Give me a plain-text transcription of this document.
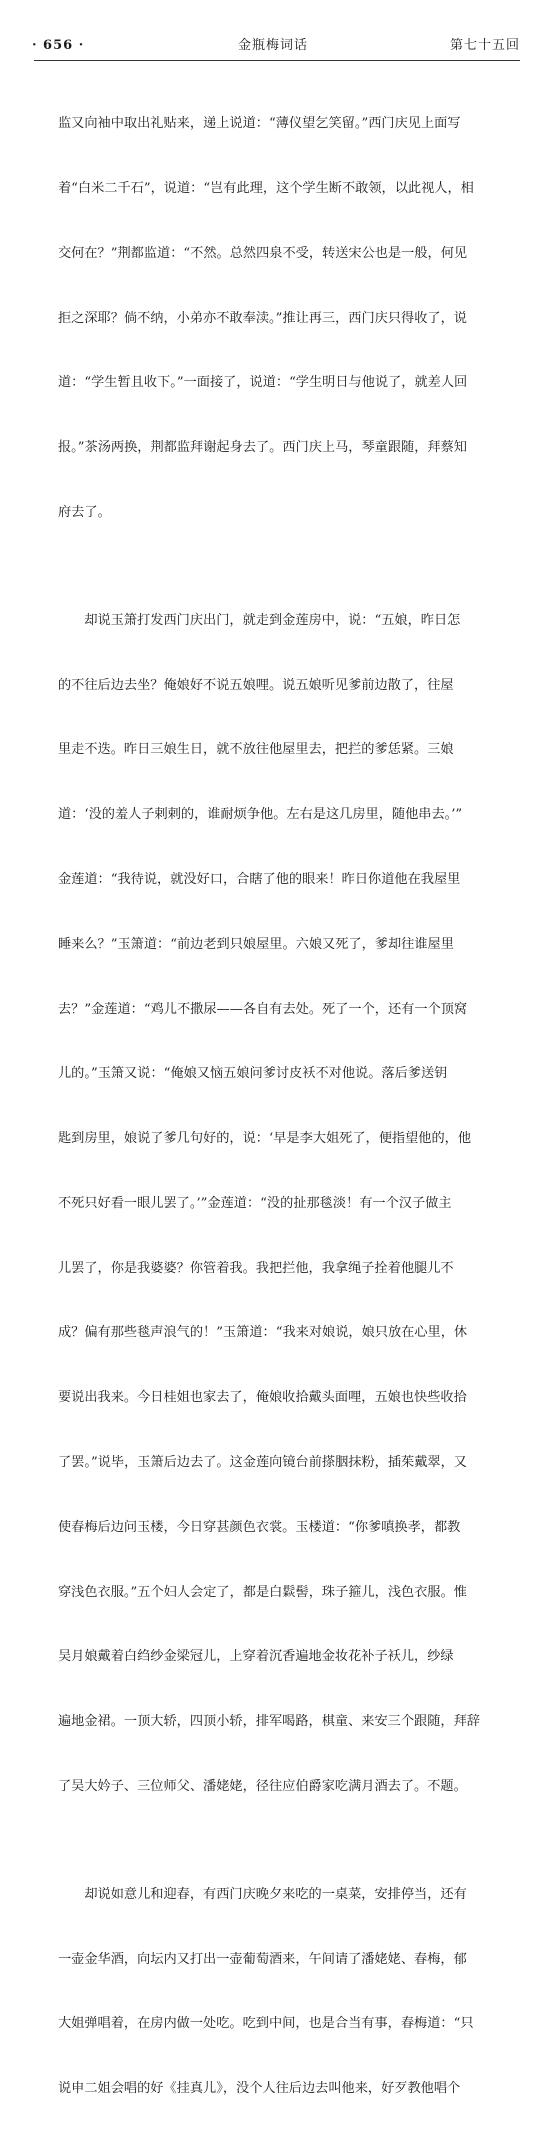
· 656 ·	金瓶梅词话	第七十五回

监又向袖中取出礼贴来，递上说道：“薄仪望乞笑留。”西门庆见上面写

着“白米二千石”，说道：“岂有此理，这个学生断不敢领，以此视人，相

交何在？”荆都监道：“不然。总然四泉不受，转送宋公也是一般，何见

拒之深耶？倘不纳，小弟亦不敢奉渎。”推让再三，西门庆只得收了，说

道：“学生暂且收下。”一面接了，说道：“学生明日与他说了，就差人回

报。”茶汤两换，荆都监拜谢起身去了。西门庆上马，琴童跟随，拜蔡知

府去了。

　　却说玉箫打发西门庆出门，就走到金莲房中，说：“五娘，昨日怎

的不往后边去坐？俺娘好不说五娘哩。说五娘听见爹前边散了，往屋

里走不迭。昨日三娘生日，就不放往他屋里去，把拦的爹恁紧。三娘

道：‘没的羞人子剌剌的，谁耐烦争他。左右是这几房里，随他串去。’”

金莲道：“我待说，就没好口，合瞎了他的眼来！昨日你道他在我屋里

睡来么？”玉箫道：“前边老到只娘屋里。六娘又死了，爹却往谁屋里

去？”金莲道：“鸡儿不撒尿——各自有去处。死了一个，还有一个顶窝

儿的。”玉箫又说：“俺娘又恼五娘问爹讨皮袄不对他说。落后爹送钥

匙到房里，娘说了爹几句好的，说：‘早是李大姐死了，便指望他的，他

不死只好看一眼儿罢了。’”金莲道：“没的扯那毯淡！有一个汉子做主

儿罢了，你是我婆婆？你管着我。我把拦他，我拿绳子拴着他腿儿不

成？偏有那些毯声浪气的！”玉箫道：“我来对娘说，娘只放在心里，休

要说出我来。今日桂姐也家去了，俺娘收拾戴头面哩，五娘也快些收拾

了罢。”说毕，玉箫后边去了。这金莲向镜台前搽胭抹粉，插茱戴翠，又

使春梅后边问玉楼，今日穿甚颜色衣裳。玉楼道：“你爹嗔换孝，都教

穿浅色衣服。”五个妇人会定了，都是白鬏髻，珠子箍儿，浅色衣服。惟

吴月娘戴着白绉纱金梁冠儿，上穿着沉香遍地金妆花补子袄儿，纱绿

遍地金裙。一顶大轿，四顶小轿，排军喝路，棋童、来安三个跟随，拜辞

了吴大妗子、三位师父、潘姥姥，径往应伯爵家吃满月酒去了。不题。

　　却说如意儿和迎春，有西门庆晚夕来吃的一桌菜，安排停当，还有

一壶金华酒，向坛内又打出一壶葡萄酒来，午间请了潘姥姥、春梅，郁

大姐弹唱着，在房内做一处吃。吃到中间，也是合当有事，春梅道：“只

说申二姐会唱的好《挂真儿》，没个人往后边去叫他来，好歹教他唱个
